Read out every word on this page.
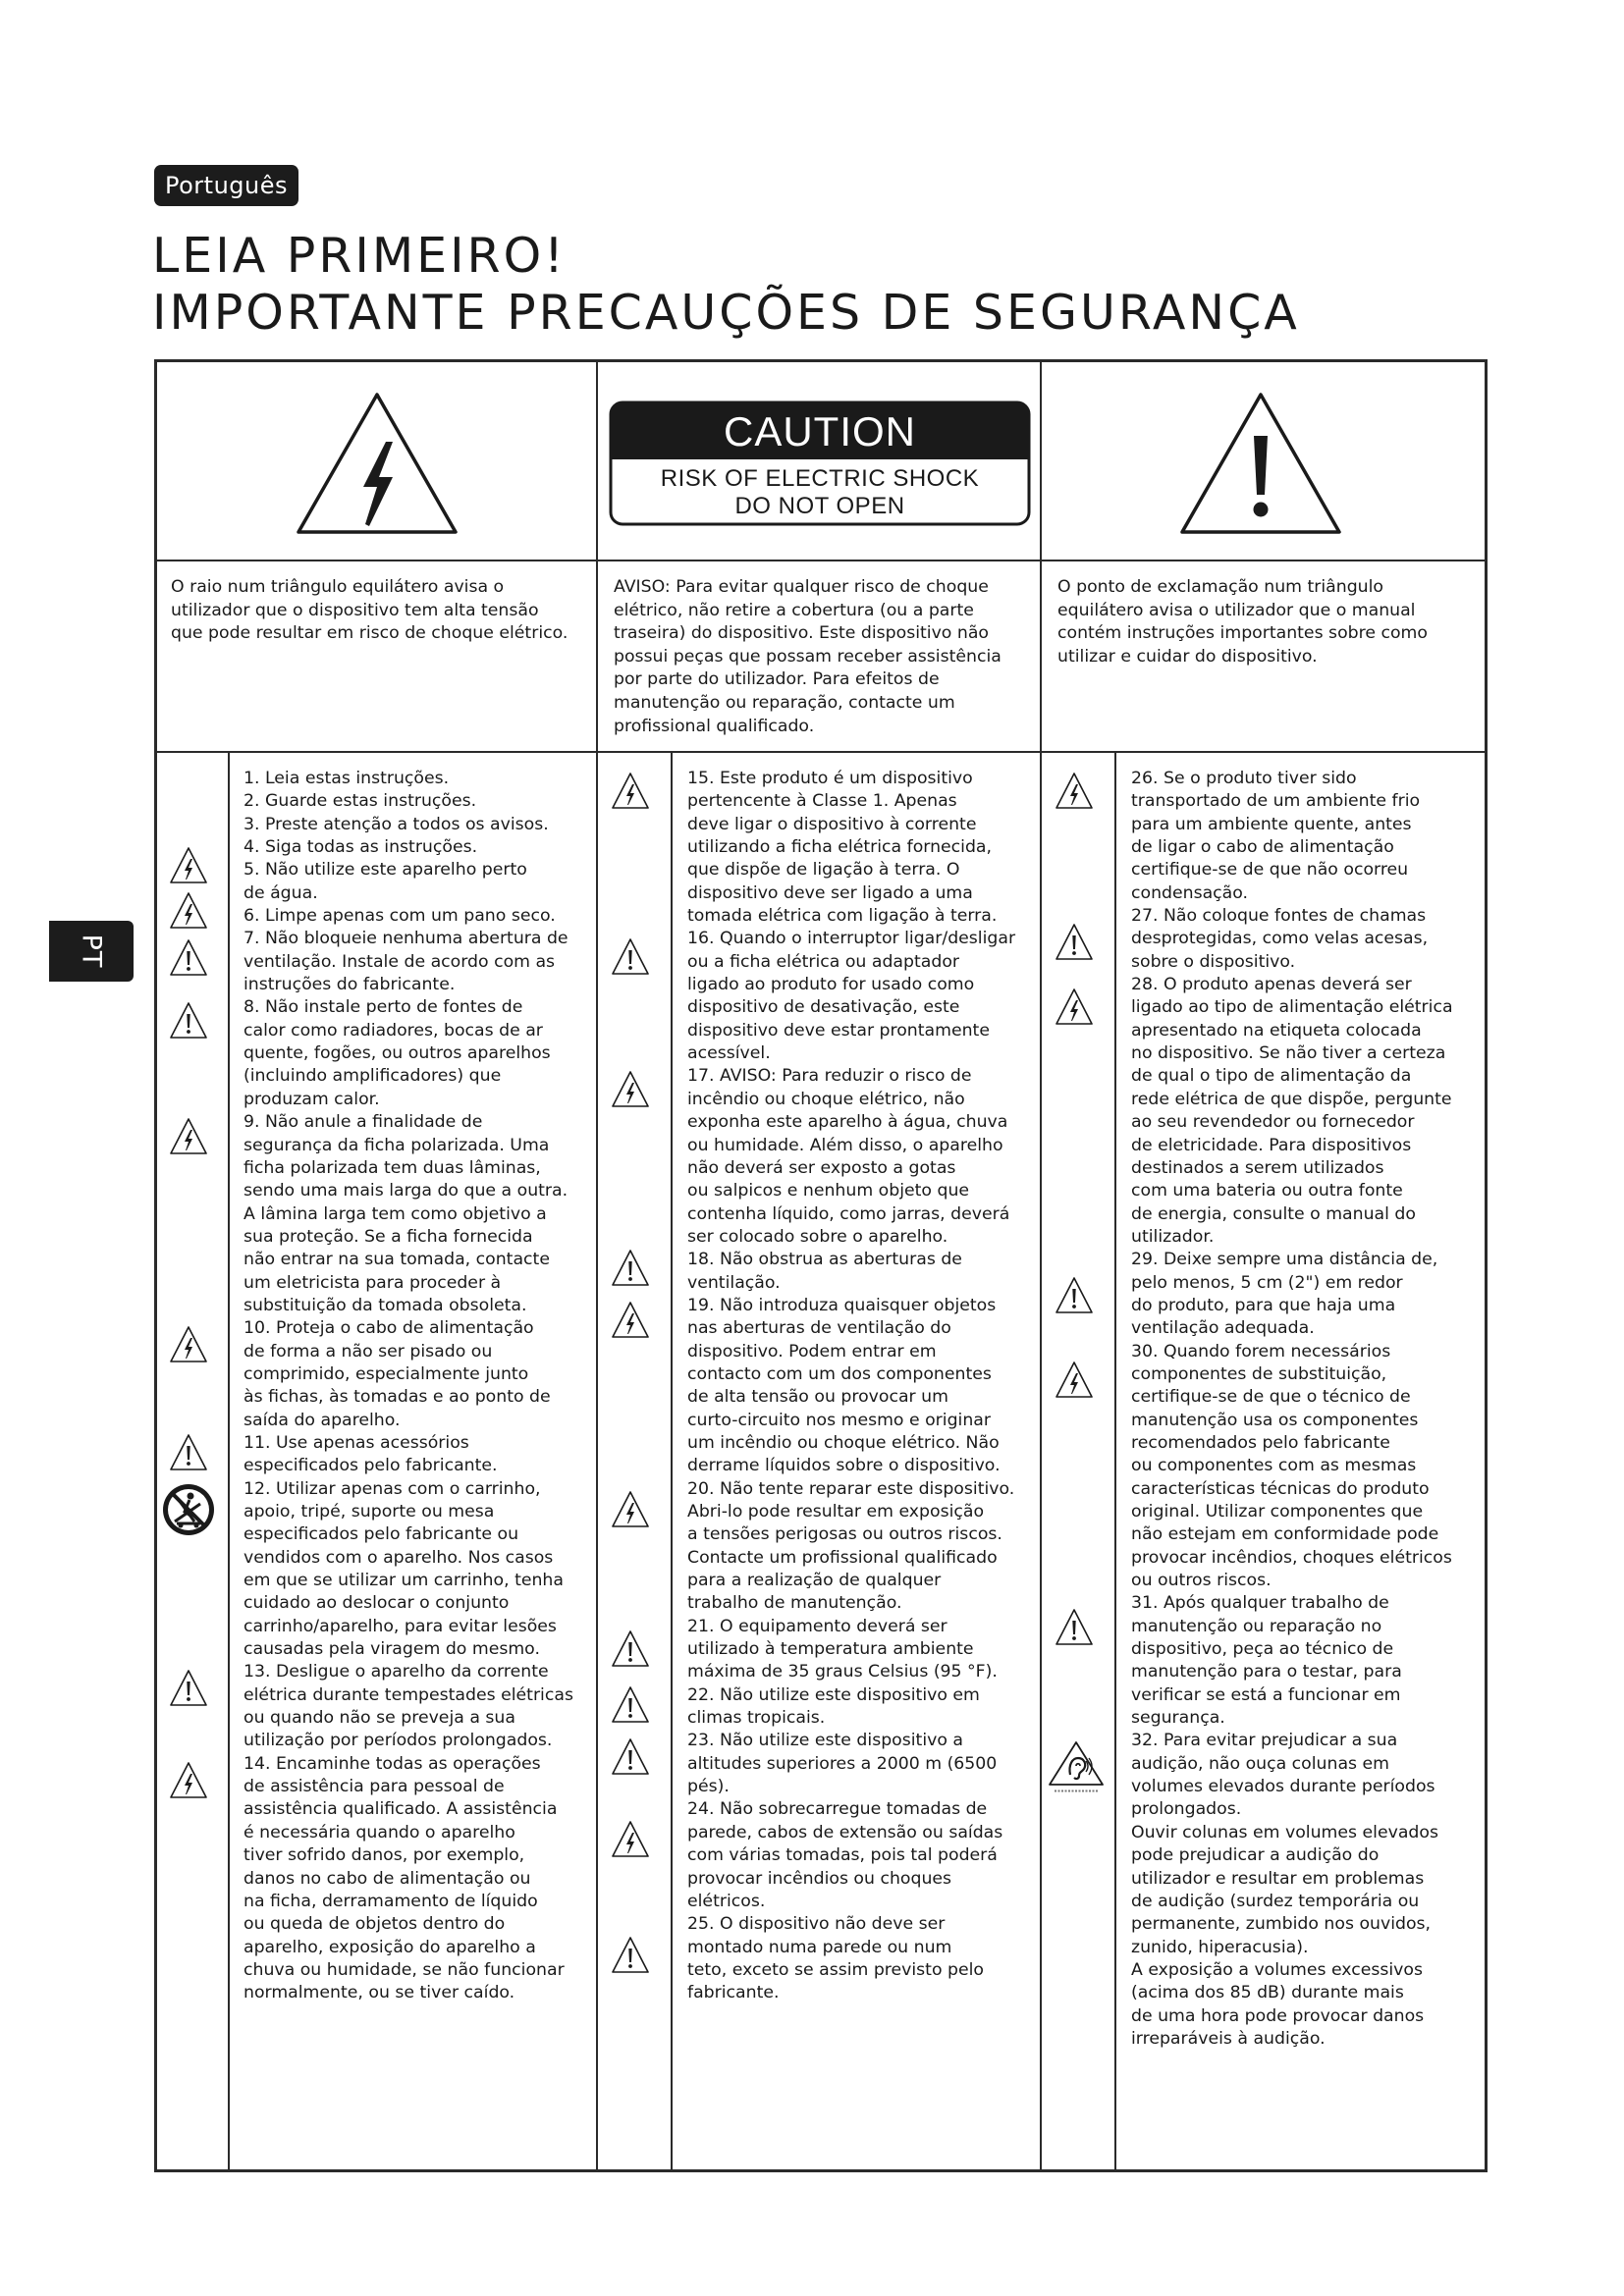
Português
LEIA PRIMEIRO!
IMPORTANTE PRECAUÇÕES DE SEGURANÇA
PT
CAUTION
RISK OF ELECTRIC SHOCK
DO NOT OPEN

O raio num triângulo equilátero avisa o

utilizador que o dispositivo tem alta tensão

que pode resultar em risco de choque elétrico.

AVISO: Para evitar qualquer risco de choque

elétrico, não retire a cobertura (ou a parte

traseira) do dispositivo. Este dispositivo não

possui peças que possam receber assistência

por parte do utilizador. Para efeitos de

manutenção ou reparação, contacte um

profissional qualificado.

O ponto de exclamação num triângulo

equilátero avisa o utilizador que o manual

contém instruções importantes sobre como

utilizar e cuidar do dispositivo.

1. Leia estas instruções.

2. Guarde estas instruções.

3. Preste atenção a todos os avisos.

4. Siga todas as instruções.

5. Não utilize este aparelho perto

de água.

6. Limpe apenas com um pano seco.

7. Não bloqueie nenhuma abertura de

ventilação. Instale de acordo com as

instruções do fabricante.

8. Não instale perto de fontes de

calor como radiadores, bocas de ar

quente, fogões, ou outros aparelhos

(incluindo amplificadores) que

produzam calor.

9. Não anule a finalidade de

segurança da ficha polarizada. Uma

ficha polarizada tem duas lâminas,

sendo uma mais larga do que a outra.

A lâmina larga tem como objetivo a

sua proteção. Se a ficha fornecida

não entrar na sua tomada, contacte

um eletricista para proceder à

substituição da tomada obsoleta.

10. Proteja o cabo de alimentação

de forma a não ser pisado ou

comprimido, especialmente junto

às fichas, às tomadas e ao ponto de

saída do aparelho.

11. Use apenas acessórios

especificados pelo fabricante.

12. Utilizar apenas com o carrinho,

apoio, tripé, suporte ou mesa

especificados pelo fabricante ou

vendidos com o aparelho. Nos casos

em que se utilizar um carrinho, tenha

cuidado ao deslocar o conjunto

carrinho/aparelho, para evitar lesões

causadas pela viragem do mesmo.

13. Desligue o aparelho da corrente

elétrica durante tempestades elétricas

ou quando não se preveja a sua

utilização por períodos prolongados.

14. Encaminhe todas as operações

de assistência para pessoal de

assistência qualificado. A assistência

é necessária quando o aparelho

tiver sofrido danos, por exemplo,

danos no cabo de alimentação ou

na ficha, derramamento de líquido

ou queda de objetos dentro do

aparelho, exposição do aparelho a

chuva ou humidade, se não funcionar

normalmente, ou se tiver caído.

15. Este produto é um dispositivo

pertencente à Classe 1. Apenas

deve ligar o dispositivo à corrente

utilizando a ficha elétrica fornecida,

que dispõe de ligação à terra. O

dispositivo deve ser ligado a uma

tomada elétrica com ligação à terra.

16. Quando o interruptor ligar/desligar

ou a ficha elétrica ou adaptador

ligado ao produto for usado como

dispositivo de desativação, este

dispositivo deve estar prontamente

acessível.

17. AVISO: Para reduzir o risco de

incêndio ou choque elétrico, não

exponha este aparelho à água, chuva

ou humidade. Além disso, o aparelho

não deverá ser exposto a gotas

ou salpicos e nenhum objeto que

contenha líquido, como jarras, deverá

ser colocado sobre o aparelho.

18. Não obstrua as aberturas de

ventilação.

19. Não introduza quaisquer objetos

nas aberturas de ventilação do

dispositivo. Podem entrar em

contacto com um dos componentes

de alta tensão ou provocar um

curto-circuito nos mesmo e originar

um incêndio ou choque elétrico. Não

derrame líquidos sobre o dispositivo.

20. Não tente reparar este dispositivo.

Abri-lo pode resultar em exposição

a tensões perigosas ou outros riscos.

Contacte um profissional qualificado

para a realização de qualquer

trabalho de manutenção.

21. O equipamento deverá ser

utilizado à temperatura ambiente

máxima de 35 graus Celsius (95 °F).

22. Não utilize este dispositivo em

climas tropicais.

23. Não utilize este dispositivo a

altitudes superiores a 2000 m (6500

pés).

24. Não sobrecarregue tomadas de

parede, cabos de extensão ou saídas

com várias tomadas, pois tal poderá

provocar incêndios ou choques

elétricos.

25. O dispositivo não deve ser

montado numa parede ou num

teto, exceto se assim previsto pelo

fabricante.

26. Se o produto tiver sido

transportado de um ambiente frio

para um ambiente quente, antes

de ligar o cabo de alimentação

certifique-se de que não ocorreu

condensação.

27. Não coloque fontes de chamas

desprotegidas, como velas acesas,

sobre o dispositivo.

28. O produto apenas deverá ser

ligado ao tipo de alimentação elétrica

apresentado na etiqueta colocada

no dispositivo. Se não tiver a certeza

de qual o tipo de alimentação da

rede elétrica de que dispõe, pergunte

ao seu revendedor ou fornecedor

de eletricidade. Para dispositivos

destinados a serem utilizados

com uma bateria ou outra fonte

de energia, consulte o manual do

utilizador.

29. Deixe sempre uma distância de,

pelo menos, 5 cm (2") em redor

do produto, para que haja uma

ventilação adequada.

30. Quando forem necessários

componentes de substituição,

certifique-se de que o técnico de

manutenção usa os componentes

recomendados pelo fabricante

ou componentes com as mesmas

características técnicas do produto

original. Utilizar componentes que

não estejam em conformidade pode

provocar incêndios, choques elétricos

ou outros riscos.

31. Após qualquer trabalho de

manutenção ou reparação no

dispositivo, peça ao técnico de

manutenção para o testar, para

verificar se está a funcionar em

segurança.

32. Para evitar prejudicar a sua

audição, não ouça colunas em

volumes elevados durante períodos

prolongados.

Ouvir colunas em volumes elevados

pode prejudicar a audição do

utilizador e resultar em problemas

de audição (surdez temporária ou

permanente, zumbido nos ouvidos,

zunido, hiperacusia).

A exposição a volumes excessivos

(acima dos 85 dB) durante mais

de uma hora pode provocar danos

irreparáveis à audição.
